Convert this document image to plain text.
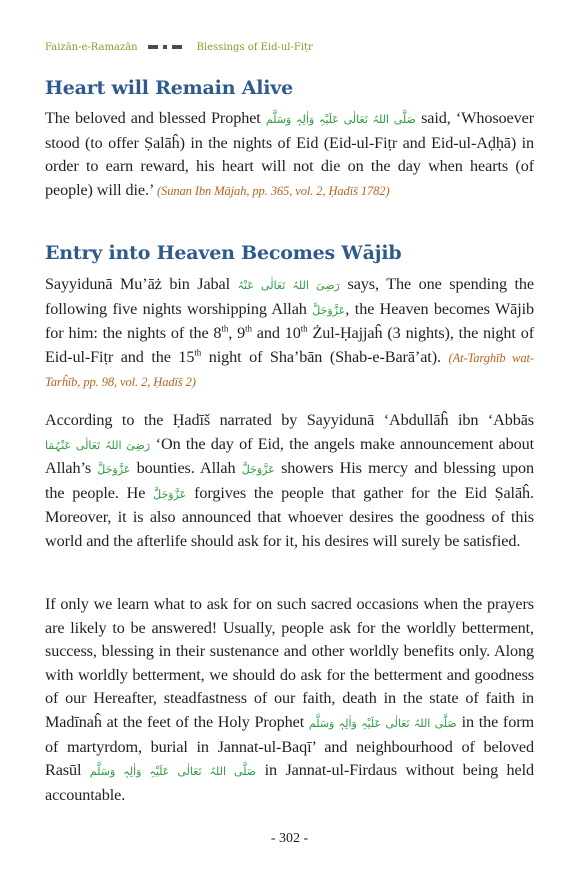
Faizān-e-Ramazān	Blessings of Eid-ul-Fiṭr
Heart will Remain Alive

The beloved and blessed Prophet صَلَّی اللہُ تَعَالٰی عَلَیْہِ وَاٰلِہٖ وَسَلَّم said, ‘Whosoever stood (to offer Ṣalāĥ) in the nights of Eid (Eid-ul-Fiṭr and Eid-ul-Aḍḥā) in order to earn reward, his heart will not die on the day when hearts (of people) will die.’ (Sunan Ibn Mājah, pp. 365, vol. 2, Ḥadīš 1782)

Entry into Heaven Becomes Wājib

Sayyidunā Mu’āż bin Jabal رَضِیَ اللہُ تَعَالٰی عَنْہُ says, The one spending the following five nights worshipping Allah عَزَّوَجَلَّ, the Heaven becomes Wājib for him: the nights of the 8th, 9th and 10th Żul-Ḥajjaĥ (3 nights), the night of Eid-ul-Fiṭr and the 15th night of Sha’bān (Shab-e-Barā’at). (At-Targhīb wat-Tarĥīb, pp. 98, vol. 2, Ḥadīš 2)

According to the Ḥadīš narrated by Sayyidunā ‘Abdullāĥ ibn ‘Abbās رَضِیَ اللہُ تَعَالٰی عَنْہُمَا ‘On the day of Eid, the angels make announcement about Allah’s عَزَّوَجَلَّ bounties. Allah عَزَّوَجَلَّ showers His mercy and blessing upon the people. He عَزَّوَجَلَّ forgives the people that gather for the Eid Ṣalāĥ. Moreover, it is also announced that whoever desires the goodness of this world and the afterlife should ask for it, his desires will surely be satisfied.

If only we learn what to ask for on such sacred occasions when the prayers are likely to be answered! Usually, people ask for the worldly betterment, success, blessing in their sustenance and other worldly benefits only. Along with worldly betterment, we should do ask for the betterment and goodness of our Hereafter, steadfastness of our faith, death in the state of faith in Madīnaĥ at the feet of the Holy Prophet صَلَّی اللہُ تَعَالٰی عَلَیْہِ وَاٰلِہٖ وَسَلَّم in the form of martyrdom, burial in Jannat-ul-Baqī’ and neighbourhood of beloved Rasūl صَلَّی اللہُ تَعَالٰی عَلَیْہِ وَاٰلِہٖ وَسَلَّم in Jannat-ul-Firdaus without being held accountable.

- 302 -
